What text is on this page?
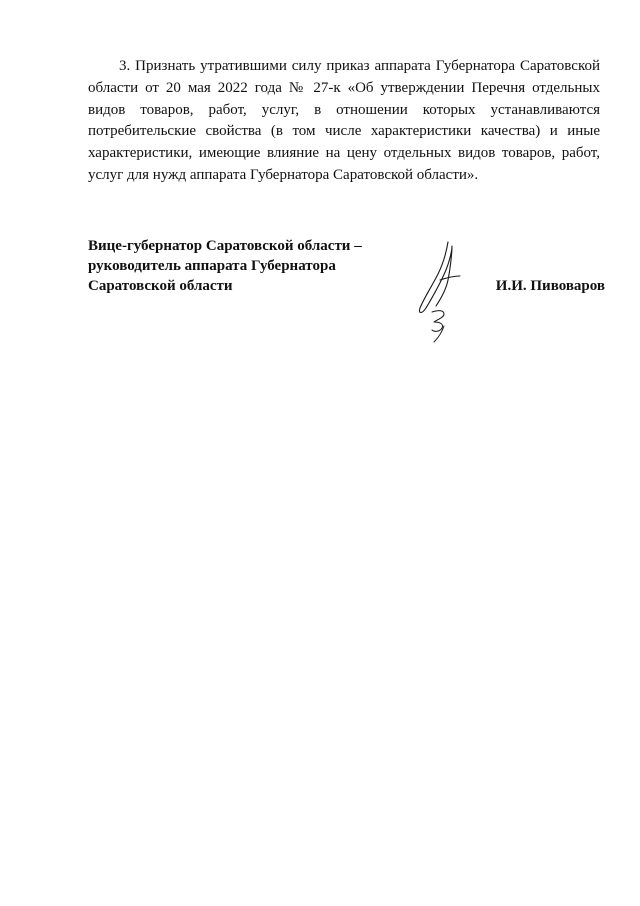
3. Признать утратившими силу приказ аппарата Губернатора Саратовской области от 20 мая 2022 года № 27-к «Об утверждении Перечня отдельных видов товаров, работ, услуг, в отношении которых устанавливаются потребительские свойства (в том числе характеристики качества) и иные характеристики, имеющие влияние на цену отдельных видов товаров, работ, услуг для нужд аппарата Губернатора Саратовской области».

Вице-губернатор Саратовской области –
руководитель аппарата Губернатора
Саратовской области	И.И. Пивоваров
